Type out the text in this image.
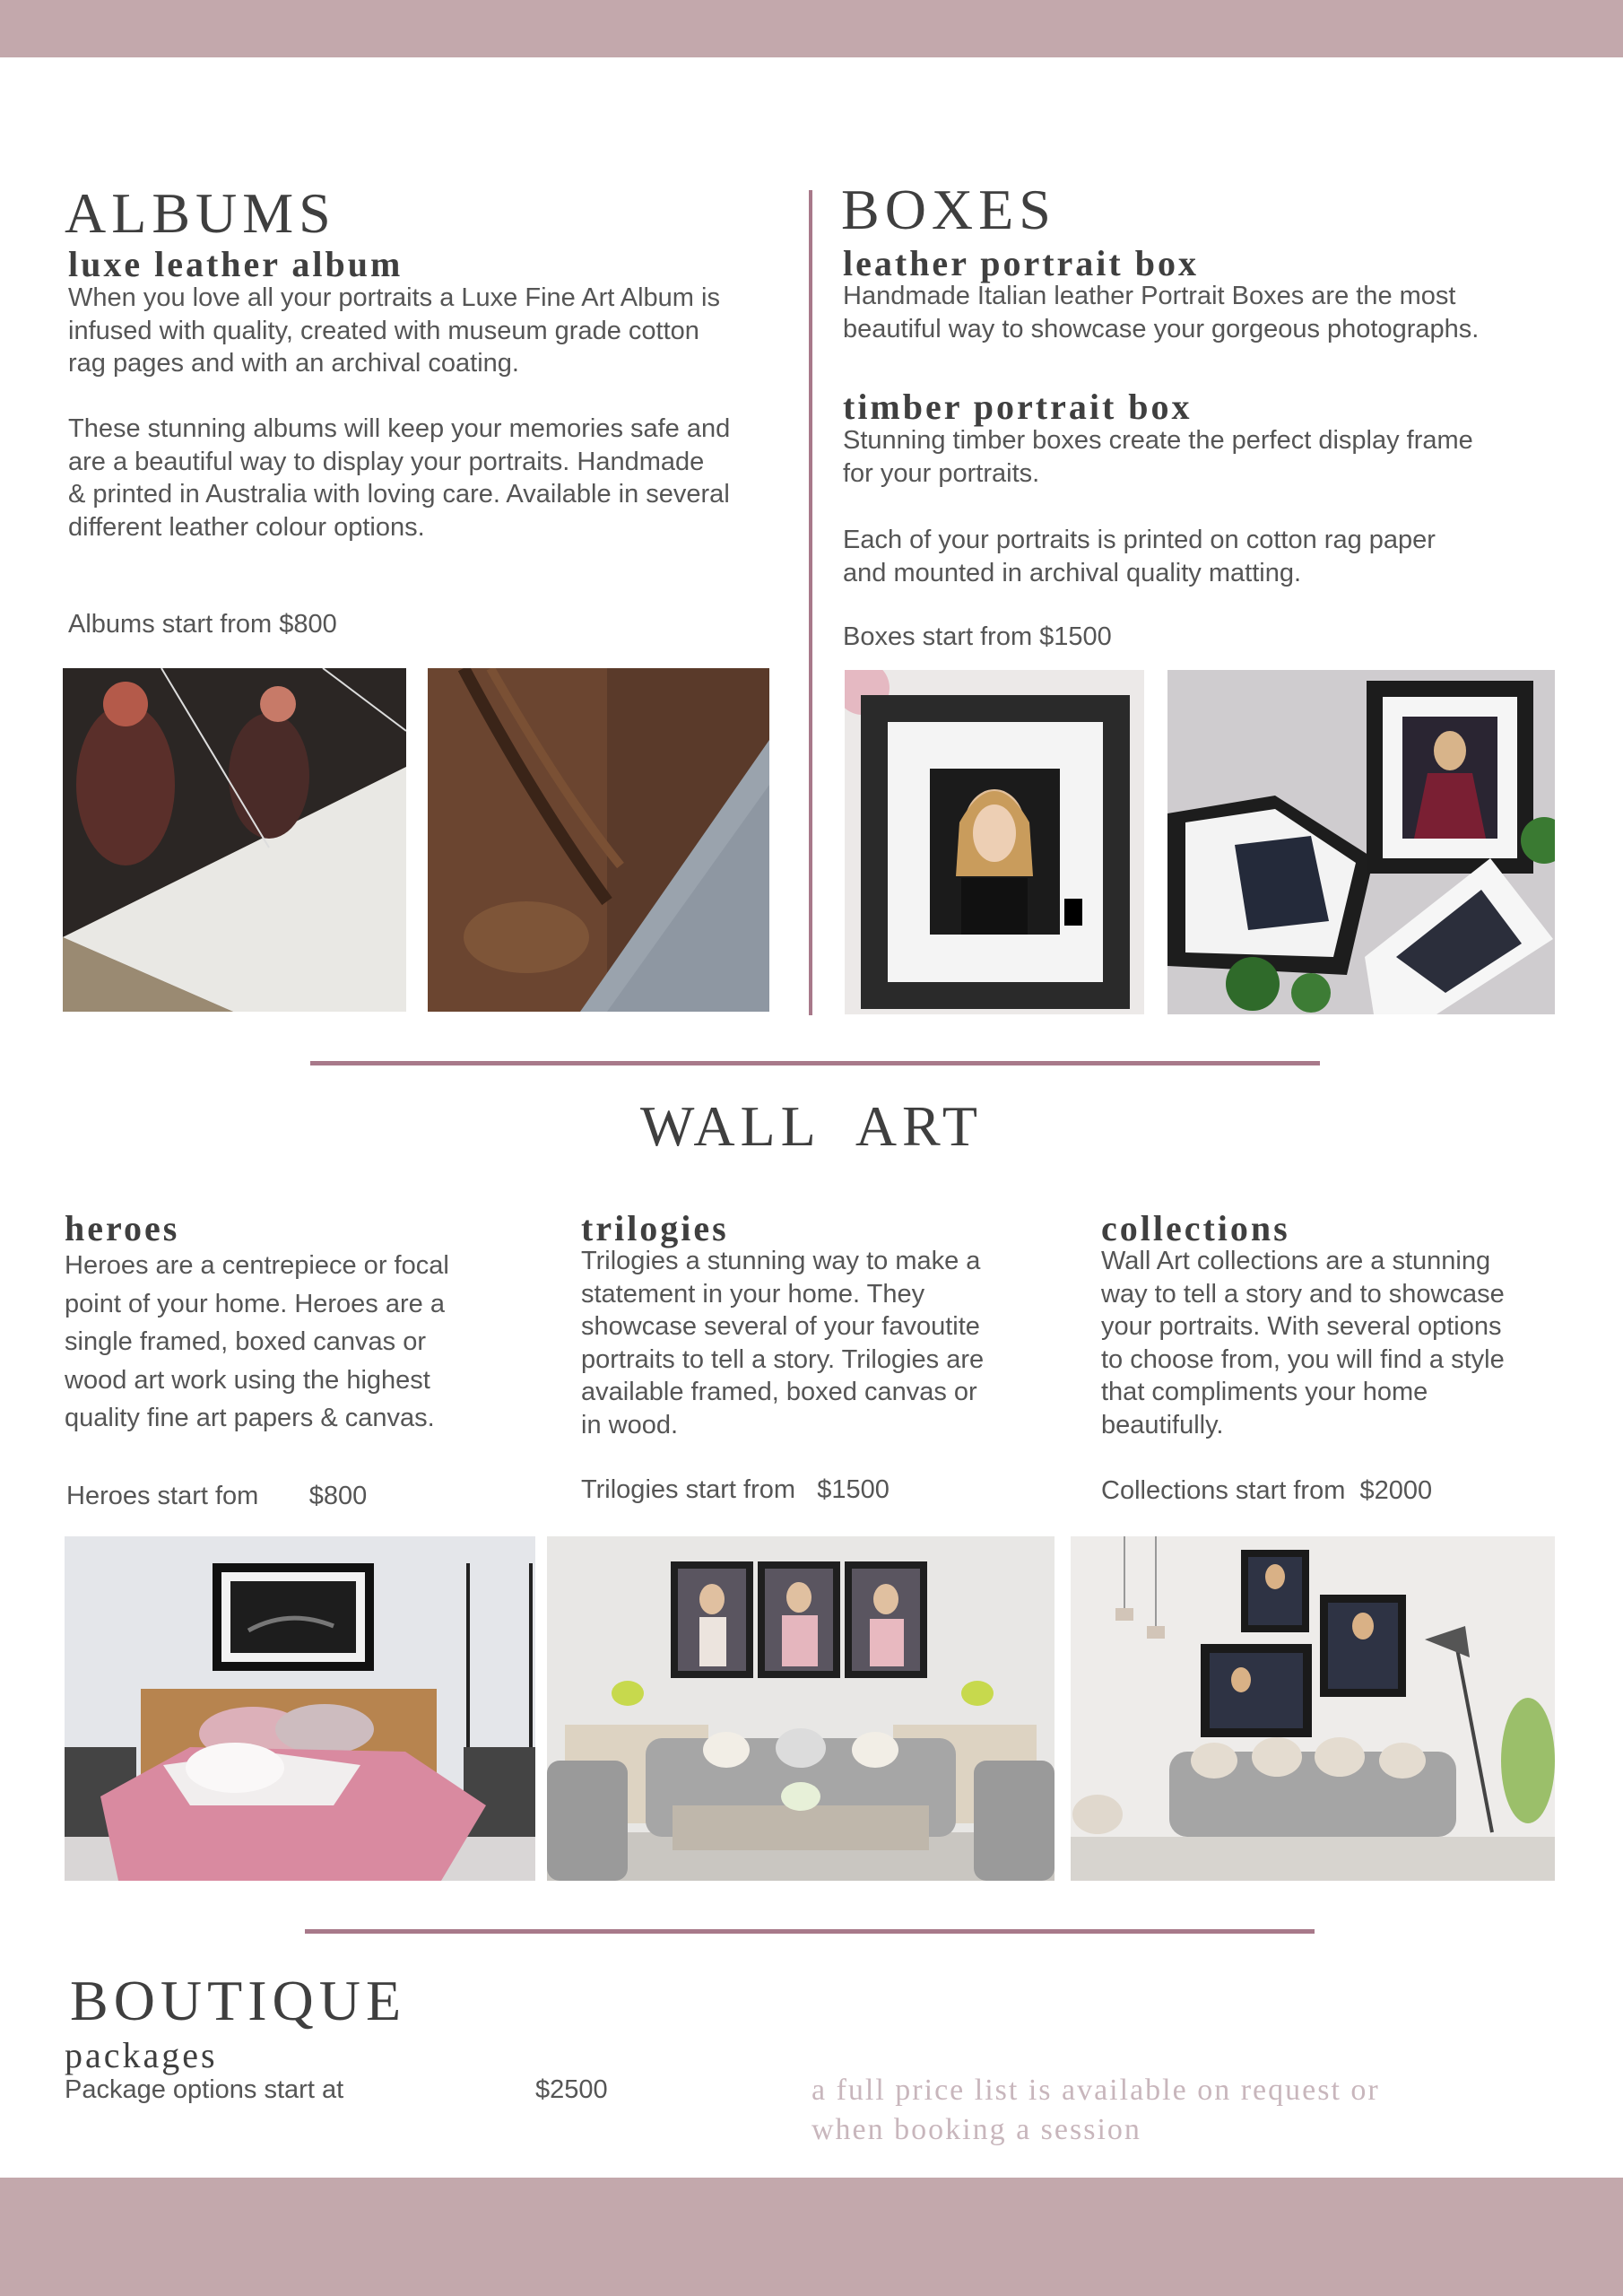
ALBUMS
luxe leather album
When you love all your portraits a Luxe Fine Art Album is
infused with quality, created with museum grade cotton
rag pages and with an archival coating.
These stunning albums will keep your memories safe and
are a beautiful way to display your portraits. Handmade
& printed in Australia with loving care. Available in several
different leather colour options.
Albums start from $800
BOXES
leather portrait box
Handmade Italian leather Portrait Boxes are the most
beautiful way to showcase your gorgeous photographs.
timber portrait box
Stunning timber boxes create the perfect display frame
for your portraits.
Each of your portraits is printed on cotton rag paper
and mounted in archival quality matting.
Boxes start from $1500
WALL  ART
heroes
Heroes are a centrepiece or focal
point of your home. Heroes are a
single framed, boxed canvas or
wood art work using the highest
quality fine art papers & canvas.
Heroes start fom       $800
trilogies
Trilogies a stunning way to make a
statement in your home. They
showcase several of your favoutite
portraits to tell a story. Trilogies are
available framed, boxed canvas or
in wood.
Trilogies start from   $1500
collections
Wall Art collections are a stunning
way to tell a story and to showcase
your portraits. With several options
to choose from, you will find a style
that compliments your home
beautifully.
Collections start from  $2000
BOUTIQUE
packages
Package options start at	$2500	a full price list is available on request or
when booking a session
